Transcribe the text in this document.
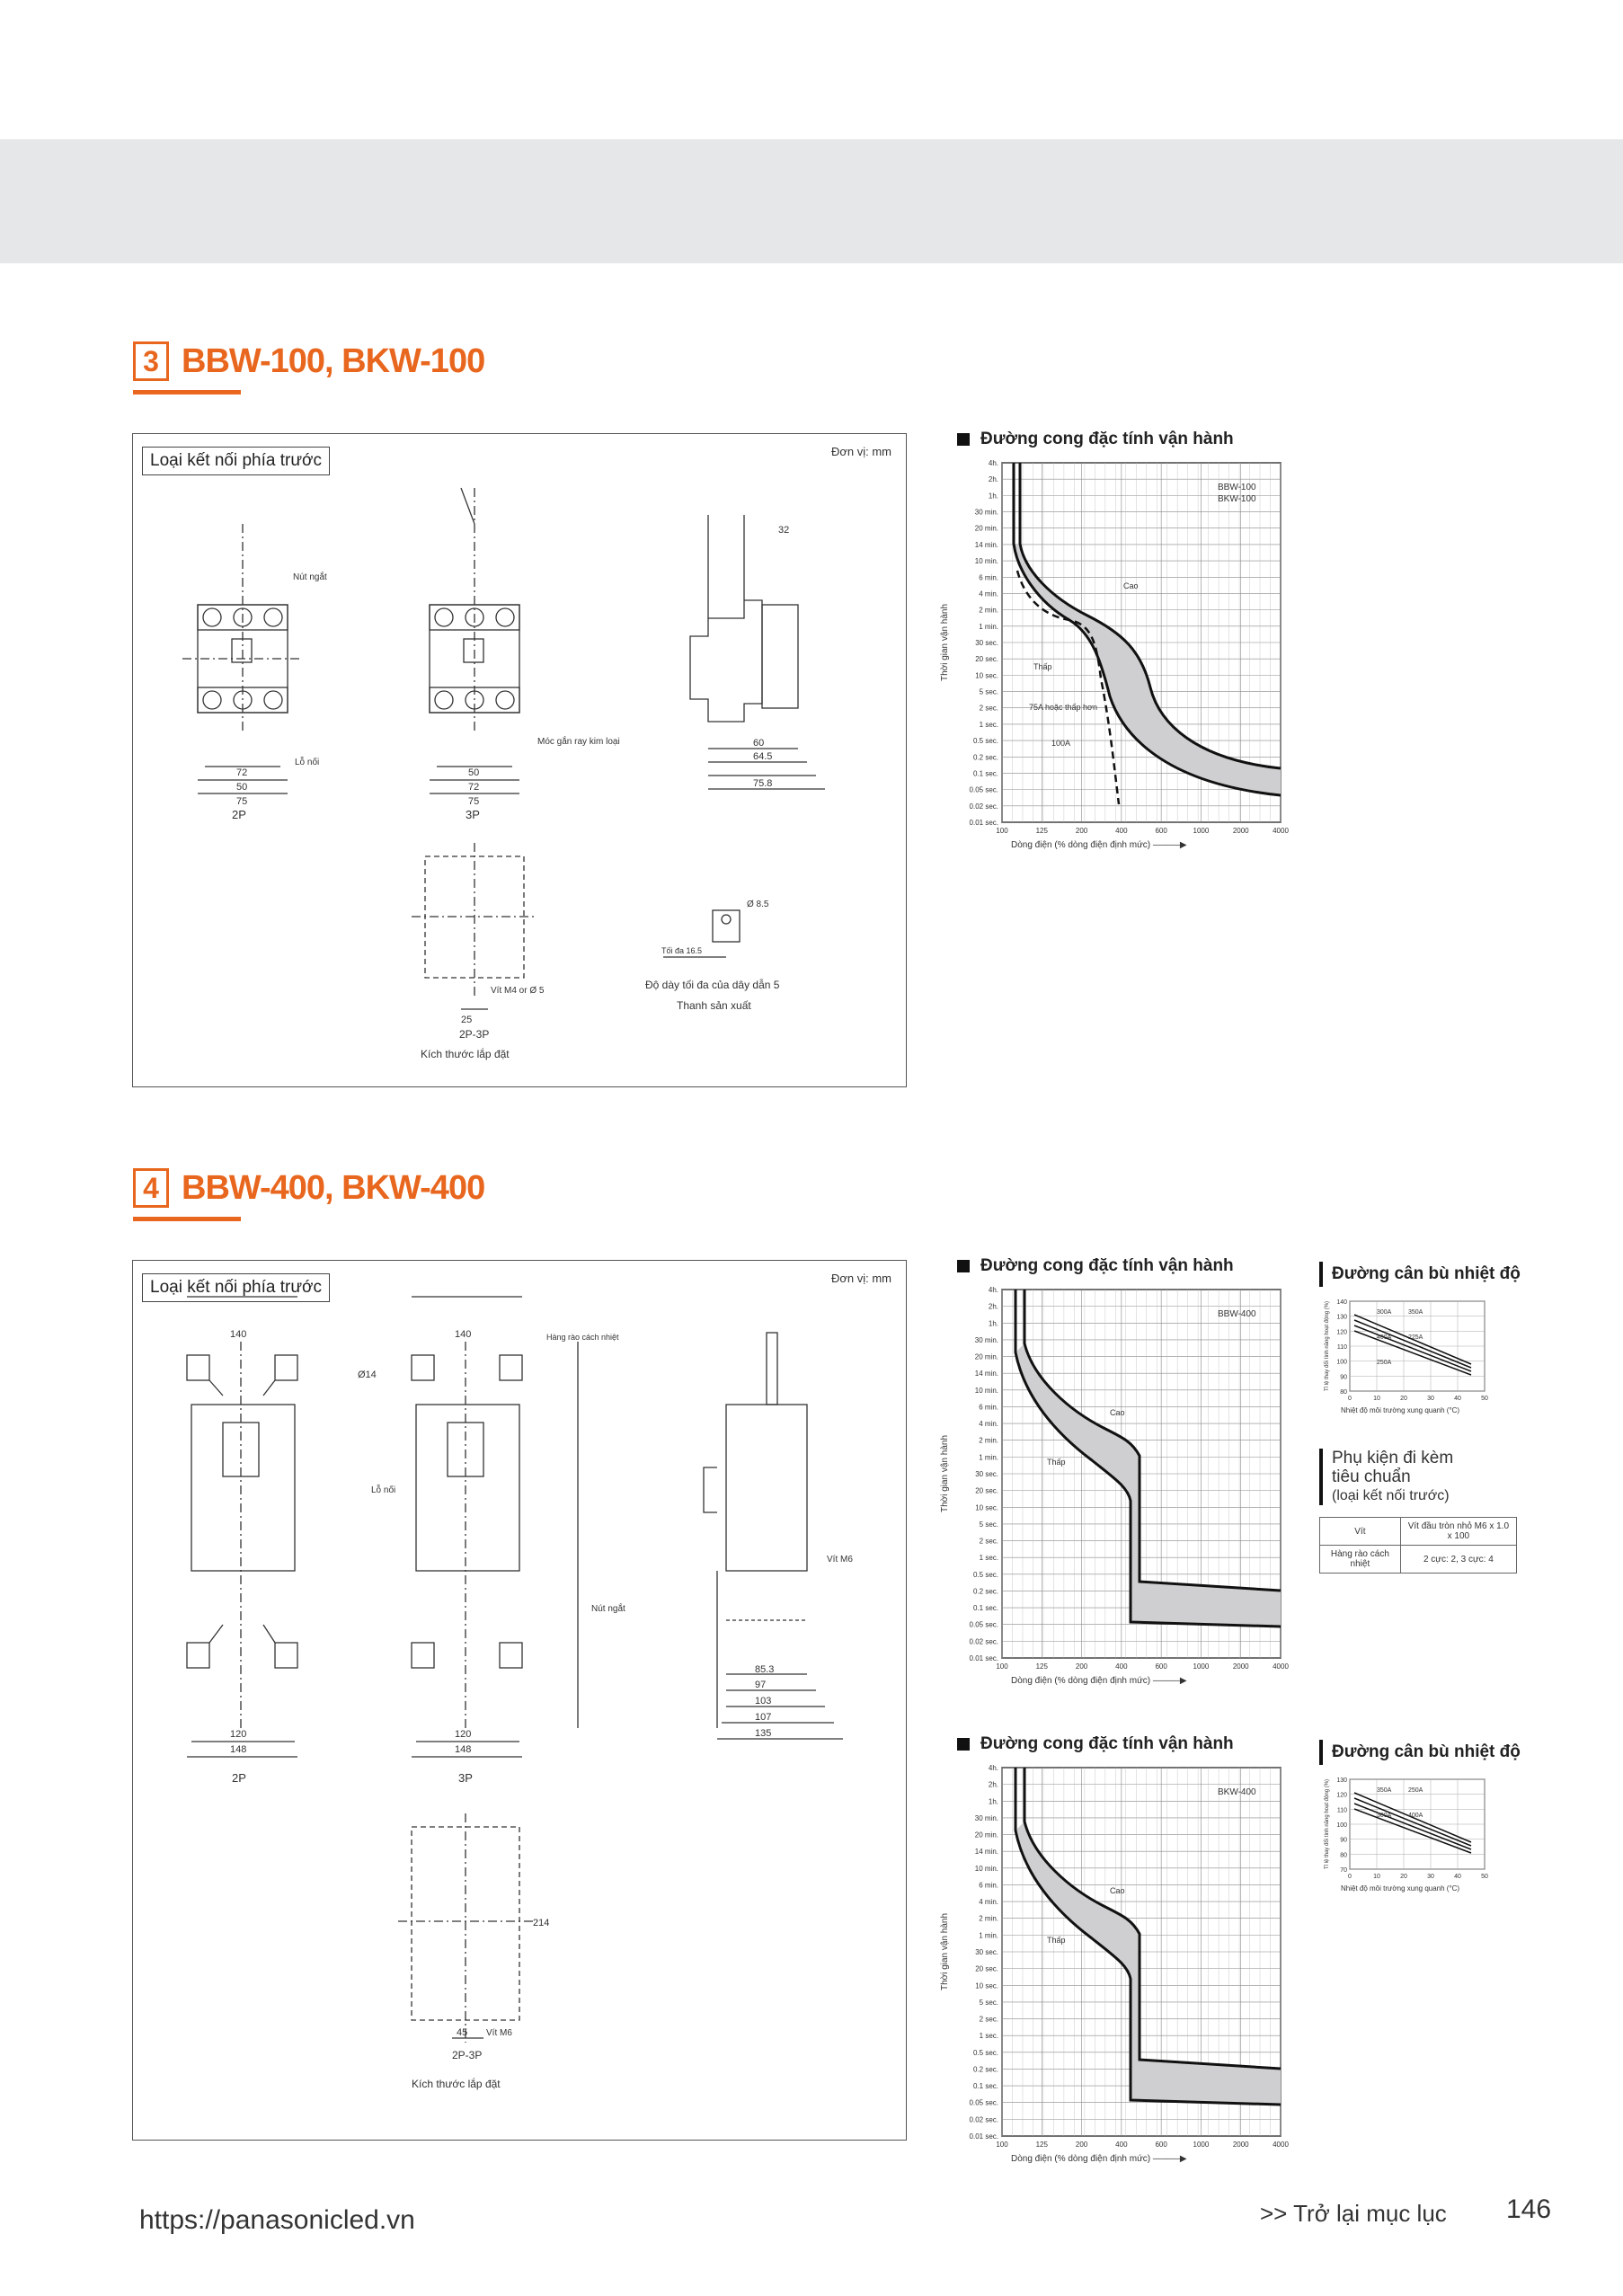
3 BBW-100, BKW-100
Loại kết nối phía trước	Đơn vị: mm
Nút ngắt
Lỗ nối
Móc gắn ray kim loại
50
72
75
50
72
75
2P	3P
32
60
64.5
75.8
25
Vít M4 or Ø 5
2P-3P
Kích thước lắp đặt
Ø 8.5
Tối đa 16.5
Độ dày tối đa của dây dẫn 5
Thanh sản xuất
Đường cong đặc tính vận hành
4h.
2h.
1h.
30 min.
20 min.
14 min.
10 min.
6 min.
4 min.
2 min.
1 min.
30 sec.
20 sec.
10 sec.
5 sec.
2 sec.
1 sec.
0.5 sec.
0.2 sec.
0.1 sec.
0.05 sec.
0.02 sec.
0.01 sec.
100	125	200	400	600	1000	2000	4000
Cao
Thấp
75A hoặc thấp hơn
100A
BBW-100
BKW-100
Thời gian vận hành
Dòng điện (% dòng điện định mức) ———▶
4 BBW-400, BKW-400
Loại kết nối phía trước	Đơn vị: mm
140	140
Ø14
Hàng rào cách nhiệt
Lỗ nối
Nút ngắt
120
148
120
148
2P	3P
Vít M6
85.3
97
103
107
135
45 Vít M6
2P-3P
Kích thước lắp đặt
214
Đường cong đặc tính vận hành
4h.
2h.
1h.
30 min.
20 min.
14 min.
10 min.
6 min.
4 min.
2 min.
1 min.
30 sec.
20 sec.
10 sec.
5 sec.
2 sec.
1 sec.
0.5 sec.
0.2 sec.
0.1 sec.
0.05 sec.
0.02 sec.
0.01 sec.
100	125	200	400	600	1000	2000	4000
Cao
Thấp
BBW-400
Thời gian vận hành
Dòng điện (% dòng điện định mức) ———▶
Đường cong đặc tính vận hành
4h.
2h.
1h.
30 min.
20 min.
14 min.
10 min.
6 min.
4 min.
2 min.
1 min.
30 sec.
20 sec.
10 sec.
5 sec.
2 sec.
1 sec.
0.5 sec.
0.2 sec.
0.1 sec.
0.05 sec.
0.02 sec.
0.01 sec.
100	125	200	400	600	1000	2000	4000
Cao
Thấp
BKW-400
Thời gian vận hành
Dòng điện (% dòng điện định mức) ———▶
Đường cân bù nhiệt độ
140
130
120
110
100
90
80
0	10	20	30	40	50
300A	350A
400A	225A
250A
Nhiệt độ môi trường xung quanh (°C)
Tỉ lệ thay đổi tính năng hoạt động (%)
Phụ kiện đi kèm
tiêu chuẩn
(loại kết nối trước)
Vít	Vít đầu tròn nhỏ M6 x 1.0 x 100
Hàng rào cách nhiệt	2 cực: 2, 3 cực: 4
Đường cân bù nhiệt độ
130
120
110
100
90
80
70
0	10	20	30	40	50
350A	250A
300A	400A
Nhiệt độ môi trường xung quanh (°C)
Tỉ lệ thay đổi tính năng hoạt động (%)
https://panasonicled.vn	>> Trở lại mục lục 146
